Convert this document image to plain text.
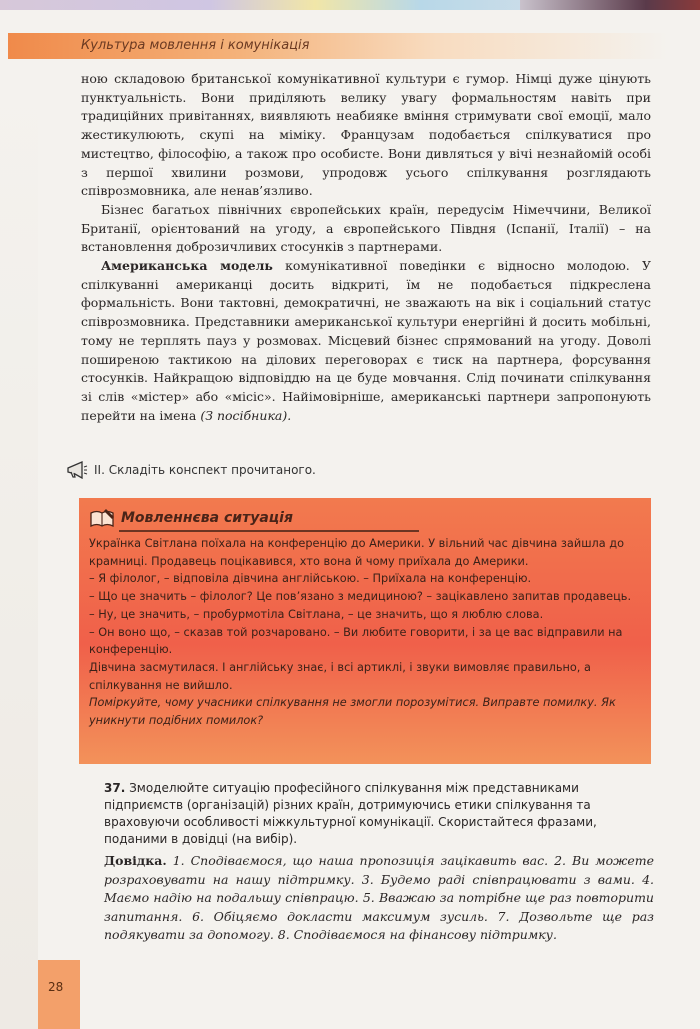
Культура мовлення і комунікація

ною складовою британської комунікативної культури є гумор. Німці дуже цінують пунктуальність. Вони приділяють велику увагу формальностям навіть при традиційних привітаннях, виявляють неабияке вміння стримувати свої емоції, мало жестикулюють, скупі на міміку. Французам подобається спілкуватися про мистецтво, філософію, а також про особисте. Вони дивляться у вічі незнайомій особі з першої хвилини розмови, упродовж усього спілкування розглядають співрозмовника, але ненав’язливо.

Бізнес багатьох північних європейських країн, передусім Німеччини, Великої Британії, орієнтований на угоду, а європейського Півдня (Іспанії, Італії) – на встановлення доброзичливих стосунків з партнерами.

Американська модель комунікативної поведінки є відносно молодою. У спілкуванні американці досить відкриті, їм не подобається підкреслена формальність. Вони тактовні, демократичні, не зважають на вік і соціальний статус співрозмовника. Представники американської культури енергійні й досить мобільні, тому не терплять пауз у розмовах. Місцевий бізнес спрямований на угоду. Доволі поширеною тактикою на ділових переговорах є тиск на партнера, форсування стосунків. Найкращою відповіддю на це буде мовчання. Слід починати спілкування зі слів «містер» або «місіс». Найімовірніше, американські партнери запропонують перейти на імена (З посібника).

ІІ. Складіть конспект прочитаного.
Мовленнєва ситуація

Українка Світлана поїхала на конференцію до Америки. У вільний час дівчина зайшла до крамниці. Продавець поцікавився, хто вона й чому приїхала до Америки.

– Я філолог, – відповіла дівчина англійською. – Приїхала на конференцію.

– Що це значить – філолог? Це пов’язано з медициною? – зацікавлено запитав продавець.

– Ну, це значить, – пробурмотіла Світлана, – це значить, що я люблю слова.

– Он воно що, – сказав той розчаровано. – Ви любите говорити, і за це вас відправили на конференцію.

Дівчина засмутилася. І англійську знає, і всі артиклі, і звуки вимовляє правильно, а спілкування не вийшло.

Поміркуйте, чому учасники спілкування не змогли порозумітися. Виправте помилку. Як уникнути подібних помилок?

37. Змоделюйте ситуацію професійного спілкування між представниками підприємств (організацій) різних країн, дотримуючись етики спілкування та враховуючи особливості міжкультурної комунікації. Скористайтеся фразами, поданими в довідці (на вибір).

Довідка. 1. Сподіваємося, що наша пропозиція зацікавить вас. 2. Ви можете розраховувати на нашу підтримку. 3. Будемо раді співпрацювати з вами. 4. Маємо надію на подальшу співпрацю. 5. Вважаю за потрібне ще раз повторити запитання. 6. Обіцяємо докласти максимум зусиль. 7. Дозвольте ще раз подякувати за допомогу. 8. Сподіваємося на фінансову підтримку.
28
